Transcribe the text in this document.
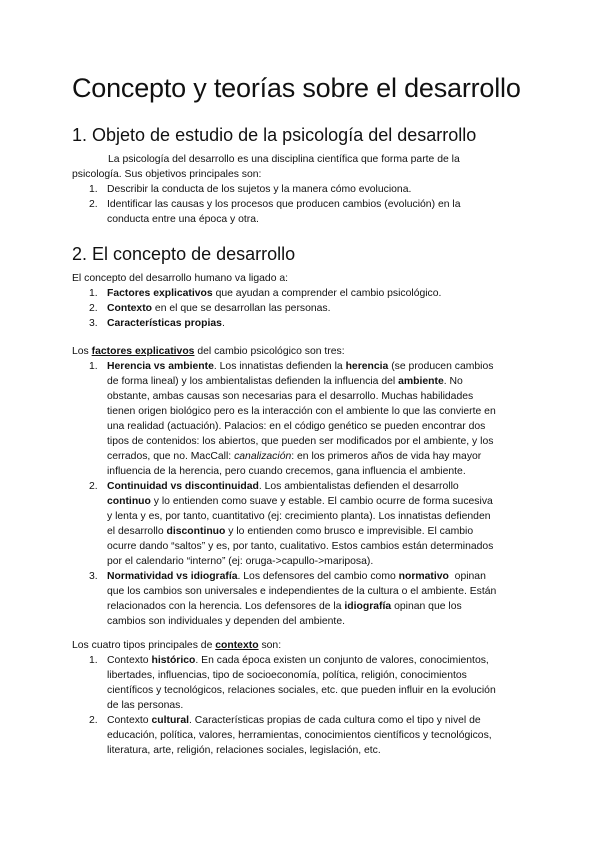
Concepto y teorías sobre el desarrollo
1. Objeto de estudio de la psicología del desarrollo

La psicología del desarrollo es una disciplina científica que forma parte de la

psicología. Sus objetivos principales son:

1. Describir la conducta de los sujetos y la manera cómo evoluciona.
2. Identificar las causas y los procesos que producen cambios (evolución) en la
conducta entre una época y otra.
2. El concepto de desarrollo

El concepto del desarrollo humano va ligado a:

1. Factores explicativos que ayudan a comprender el cambio psicológico.
2. Contexto en el que se desarrollan las personas.
3. Características propias.

Los factores explicativos del cambio psicológico son tres:

1. Herencia vs ambiente. Los innatistas defienden la herencia (se producen cambios
de forma lineal) y los ambientalistas defienden la influencia del ambiente. No
obstante, ambas causas son necesarias para el desarrollo. Muchas habilidades
tienen origen biológico pero es la interacción con el ambiente lo que las convierte en
una realidad (actuación). Palacios: en el código genético se pueden encontrar dos
tipos de contenidos: los abiertos, que pueden ser modificados por el ambiente, y los
cerrados, que no. MacCall: canalización: en los primeros años de vida hay mayor
influencia de la herencia, pero cuando crecemos, gana influencia el ambiente.
2. Continuidad vs discontinuidad. Los ambientalistas defienden el desarrollo
continuo y lo entienden como suave y estable. El cambio ocurre de forma sucesiva
y lenta y es, por tanto, cuantitativo (ej: crecimiento planta). Los innatistas defienden
el desarrollo discontinuo y lo entienden como brusco e imprevisible. El cambio
ocurre dando “saltos” y es, por tanto, cualitativo. Estos cambios están determinados
por el calendario “interno” (ej: oruga->capullo->mariposa).
3. Normatividad vs idiografía. Los defensores del cambio como normativo  opinan
que los cambios son universales e independientes de la cultura o el ambiente. Están
relacionados con la herencia. Los defensores de la idiografía opinan que los
cambios son individuales y dependen del ambiente.

Los cuatro tipos principales de contexto son:

1. Contexto histórico. En cada época existen un conjunto de valores, conocimientos,
libertades, influencias, tipo de socioeconomía, política, religión, conocimientos
científicos y tecnológicos, relaciones sociales, etc. que pueden influir en la evolución
de las personas.
2. Contexto cultural. Características propias de cada cultura como el tipo y nivel de
educación, política, valores, herramientas, conocimientos científicos y tecnológicos,
literatura, arte, religión, relaciones sociales, legislación, etc.
